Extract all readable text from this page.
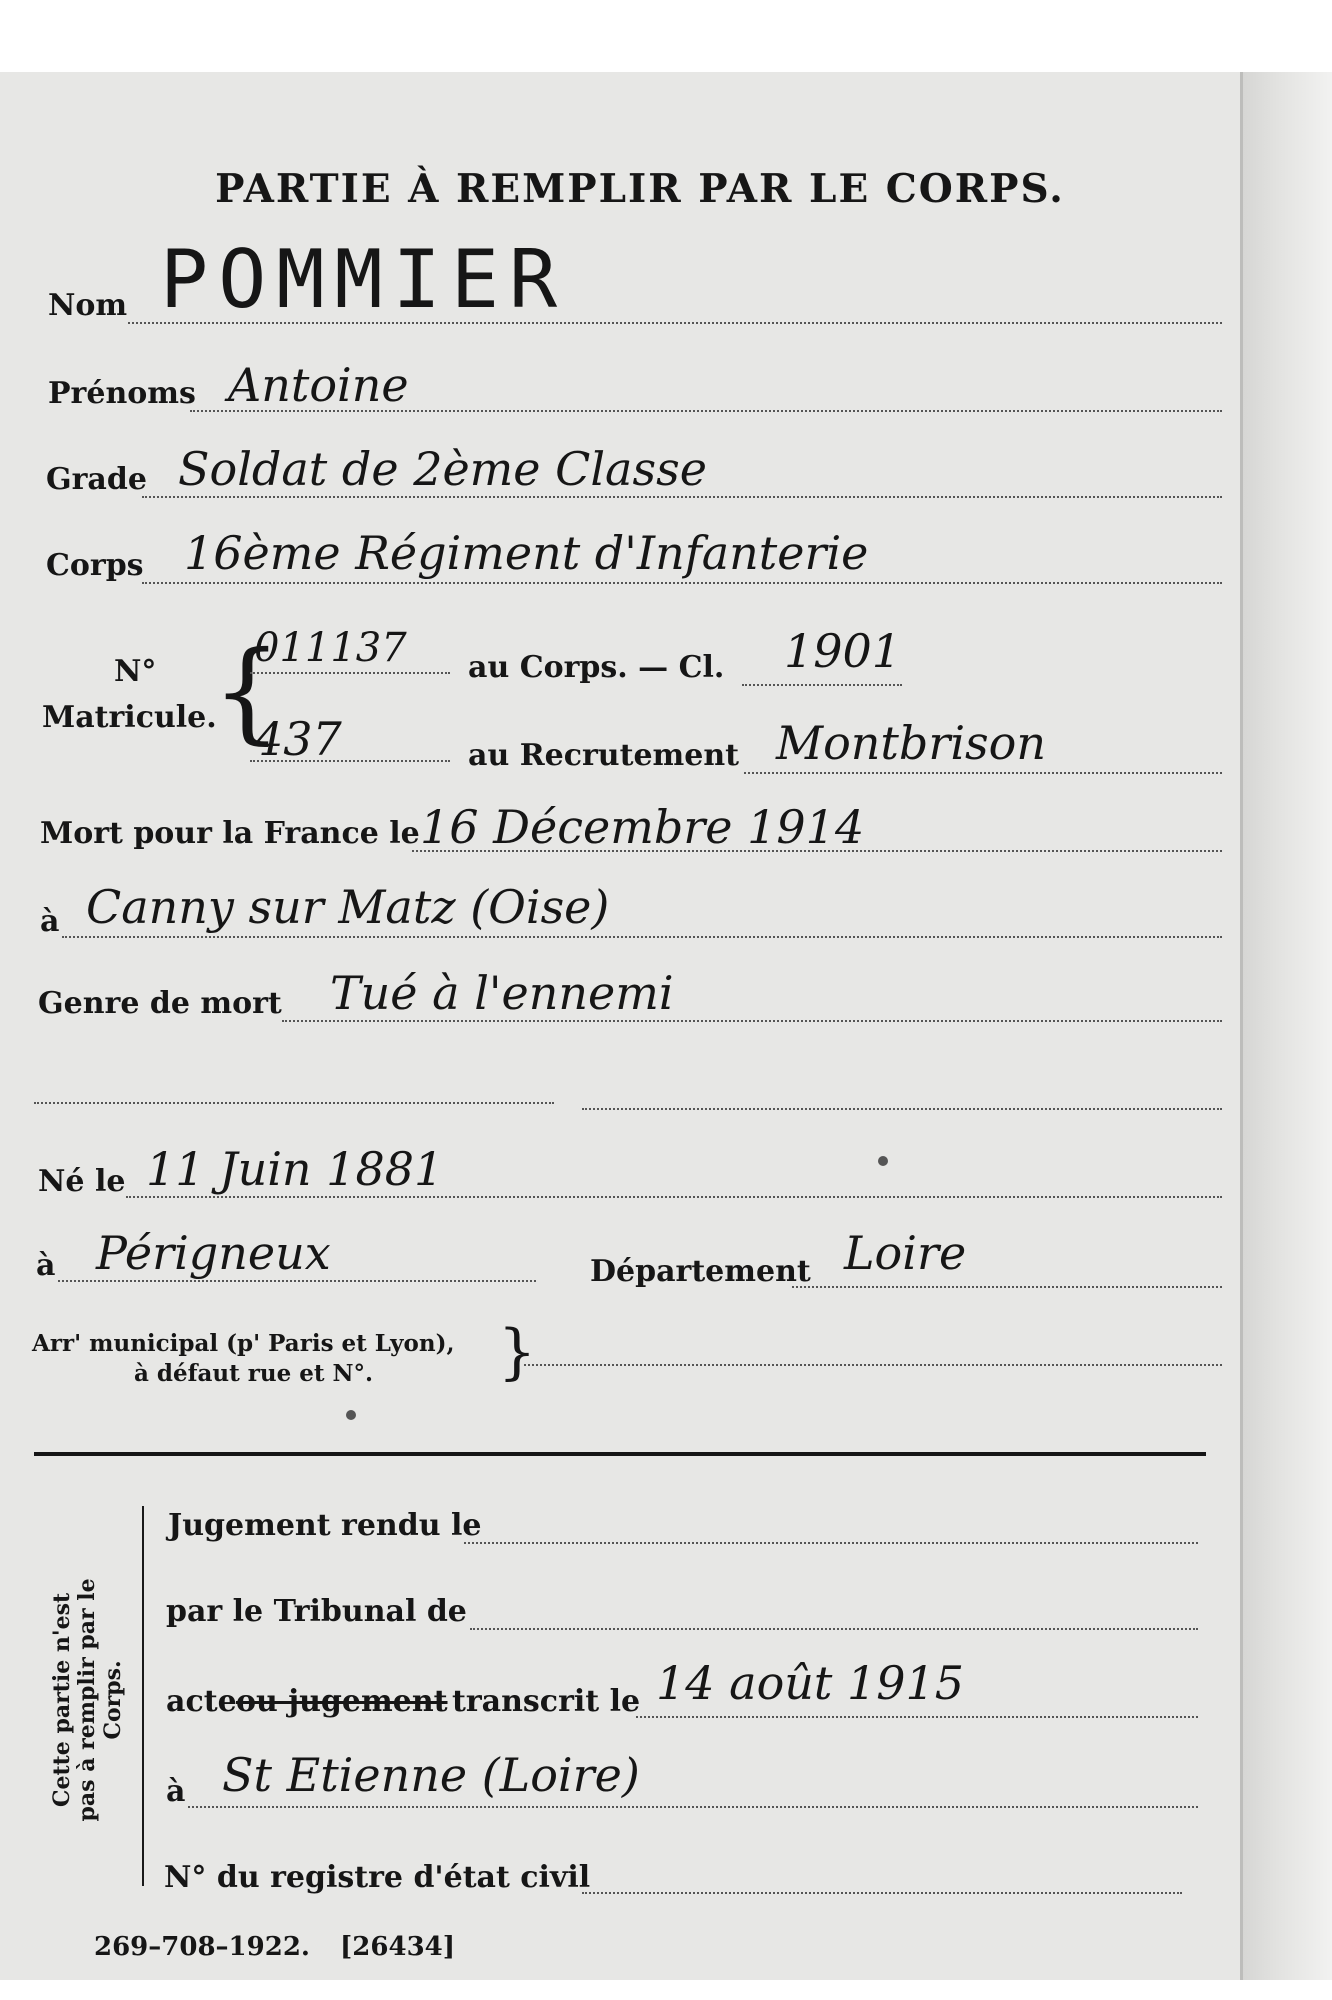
PARTIE À REMPLIR PAR LE CORPS.
Nom POMMIER
Prénoms Antoine
Grade Soldat de 2ème Classe
Corps 16ème Régiment d'Infanterie
N°
Matricule.
{
011137 au Corps. — Cl. 1901
437	au Recrutement Montbrison
Mort pour la France le 16 Décembre 1914
à Canny sur Matz (Oise)
Genre de mort Tué à l'ennemi
Né le 11 Juin 1881
à Périgneux	Département Loire
Arr' municipal (p' Paris et Lyon),
à défaut rue et N°. }
Cette partie n'est pas à remplir par le Corps.
Jugement rendu le
par le Tribunal de
acte ou jugement transcrit le 14 août 1915
à St Etienne (Loire)
N° du registre d'état civil
269–708–1922. [26434]
